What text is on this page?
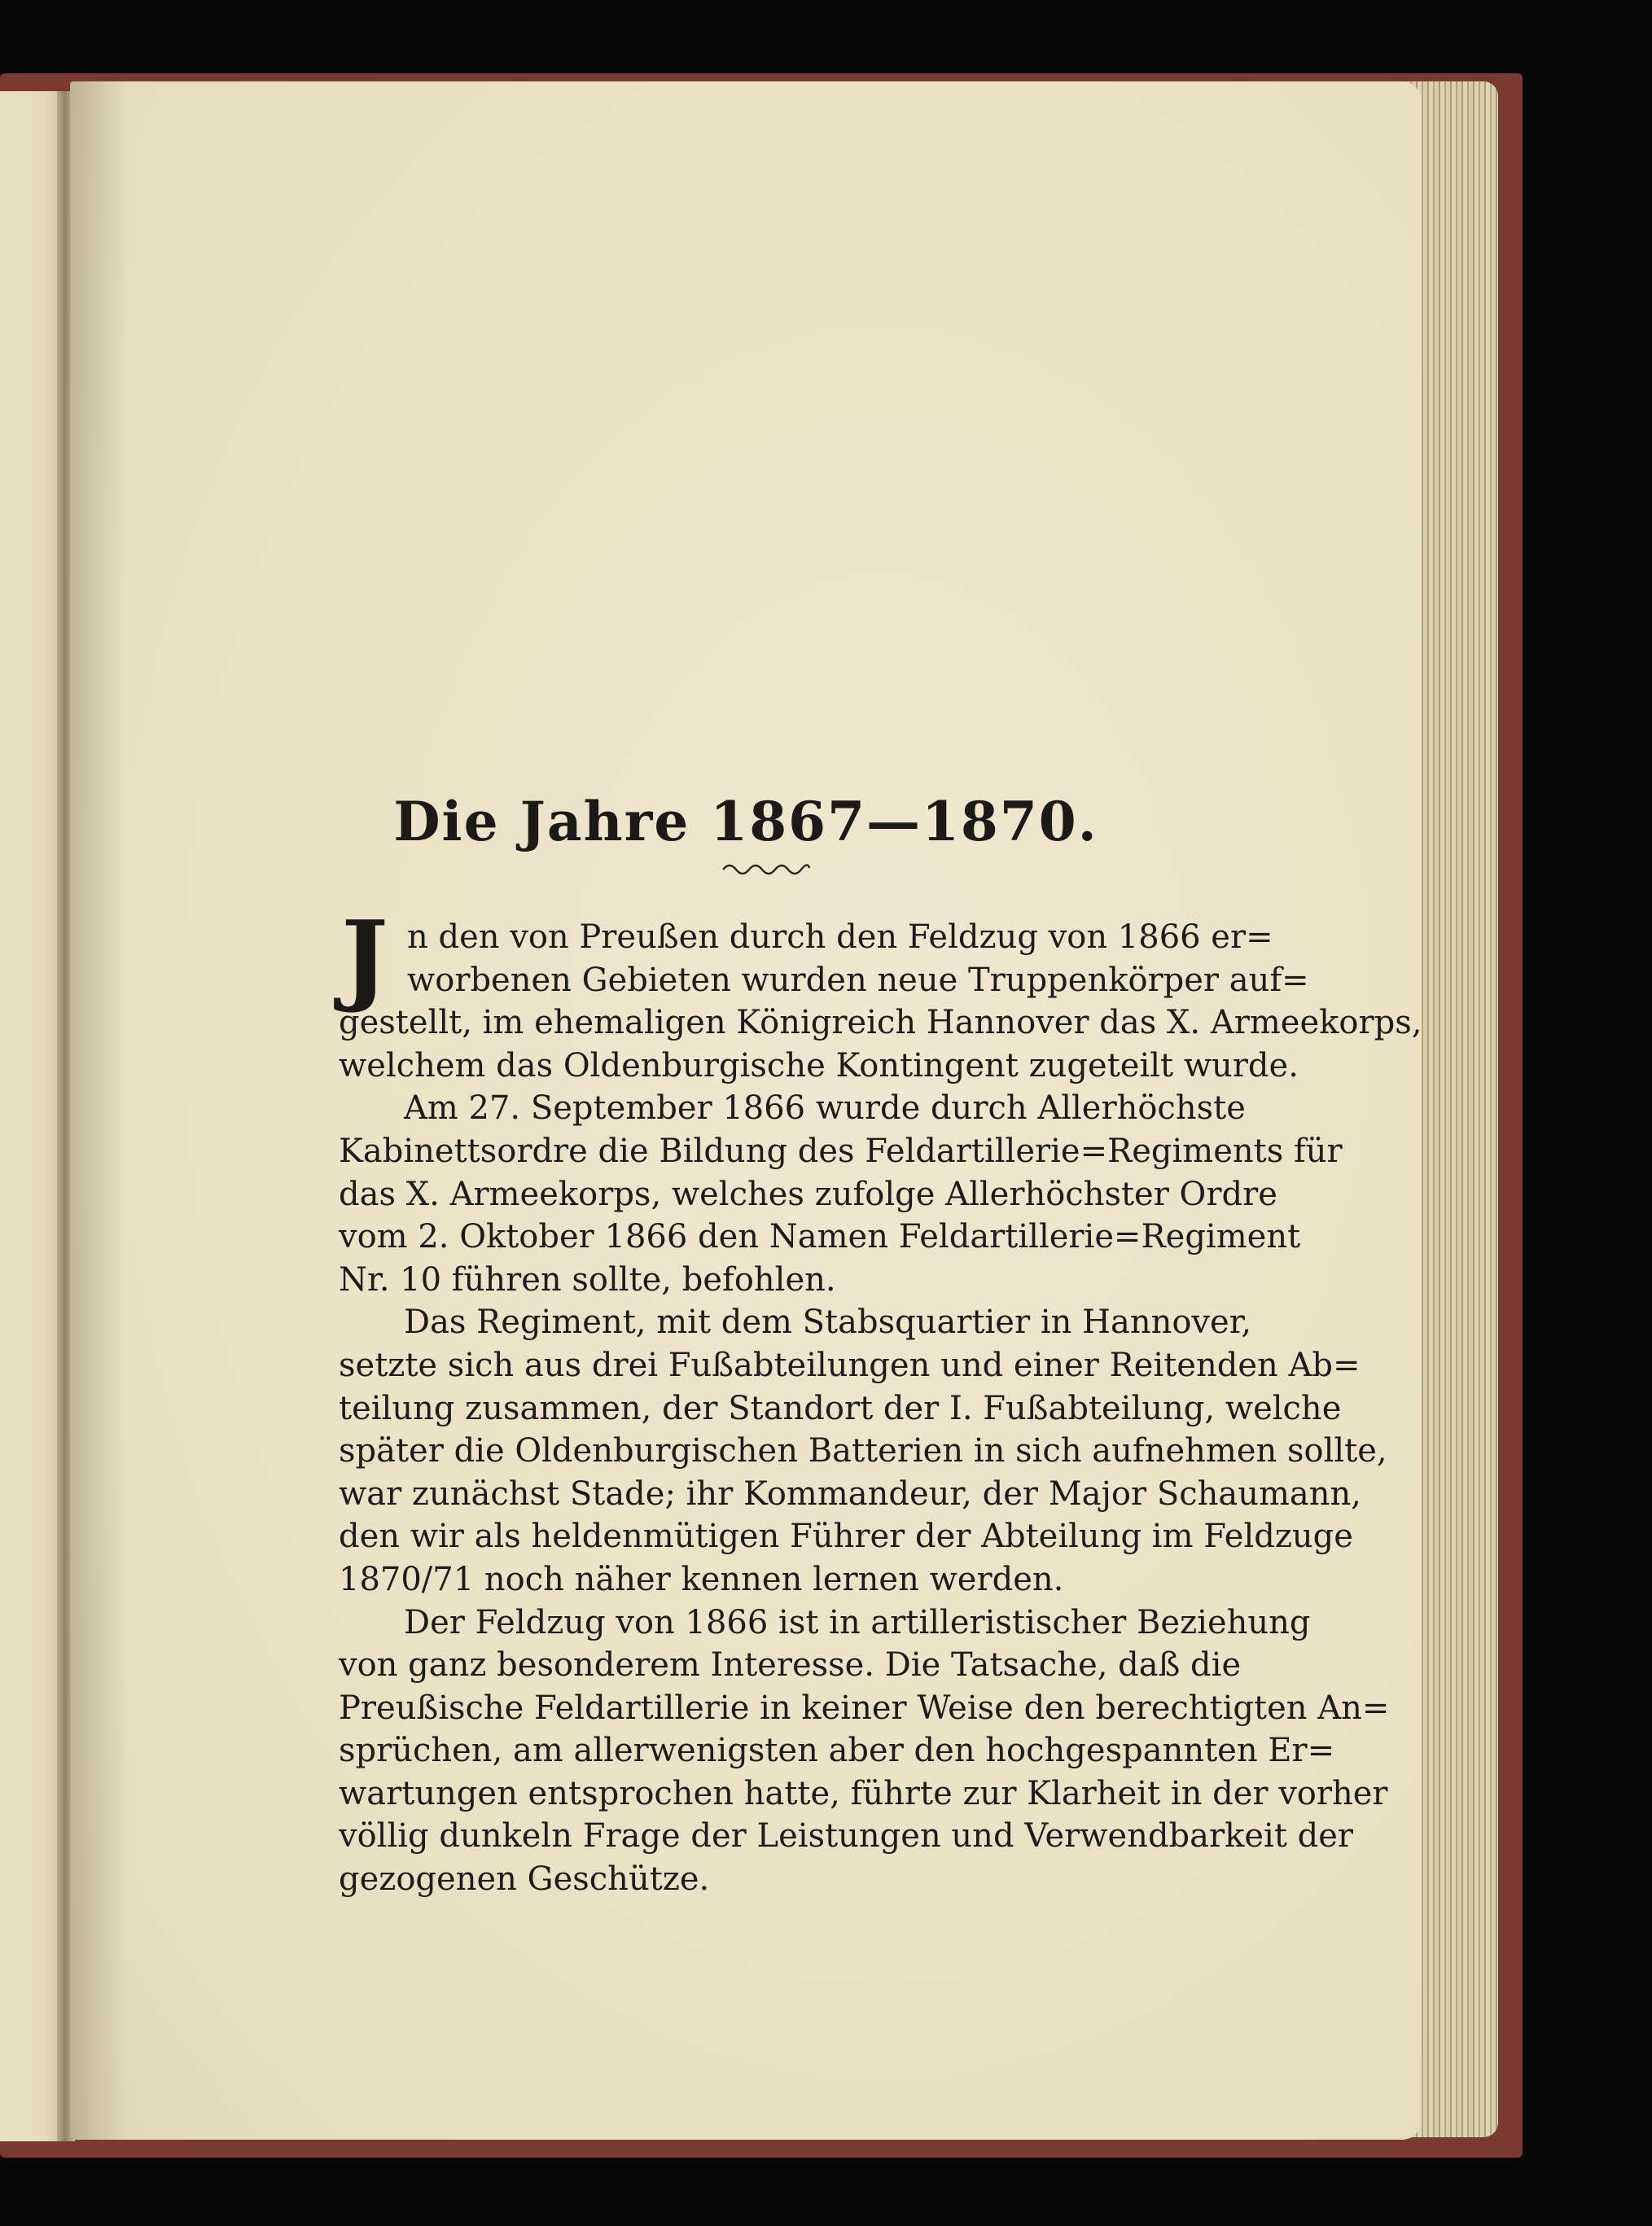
Die Jahre 1867—1870.
J n den von Preußen durch den Feldzug von 1866 er=
worbenen Gebieten wurden neue Truppenkörper auf=
gestellt, im ehemaligen Königreich Hannover das X. Armeekorps,
welchem das Oldenburgische Kontingent zugeteilt wurde.
Am 27. September 1866 wurde durch Allerhöchste
Kabinettsordre die Bildung des Feldartillerie=Regiments für
das X. Armeekorps, welches zufolge Allerhöchster Ordre
vom 2. Oktober 1866 den Namen Feldartillerie=Regiment
Nr. 10 führen sollte, befohlen.
Das Regiment, mit dem Stabsquartier in Hannover,
setzte sich aus drei Fußabteilungen und einer Reitenden Ab=
teilung zusammen, der Standort der I. Fußabteilung, welche
später die Oldenburgischen Batterien in sich aufnehmen sollte,
war zunächst Stade; ihr Kommandeur, der Major Schaumann,
den wir als heldenmütigen Führer der Abteilung im Feldzuge
1870/71 noch näher kennen lernen werden.
Der Feldzug von 1866 ist in artilleristischer Beziehung
von ganz besonderem Interesse. Die Tatsache, daß die
Preußische Feldartillerie in keiner Weise den berechtigten An=
sprüchen, am allerwenigsten aber den hochgespannten Er=
wartungen entsprochen hatte, führte zur Klarheit in der vorher
völlig dunkeln Frage der Leistungen und Verwendbarkeit der
gezogenen Geschütze.
